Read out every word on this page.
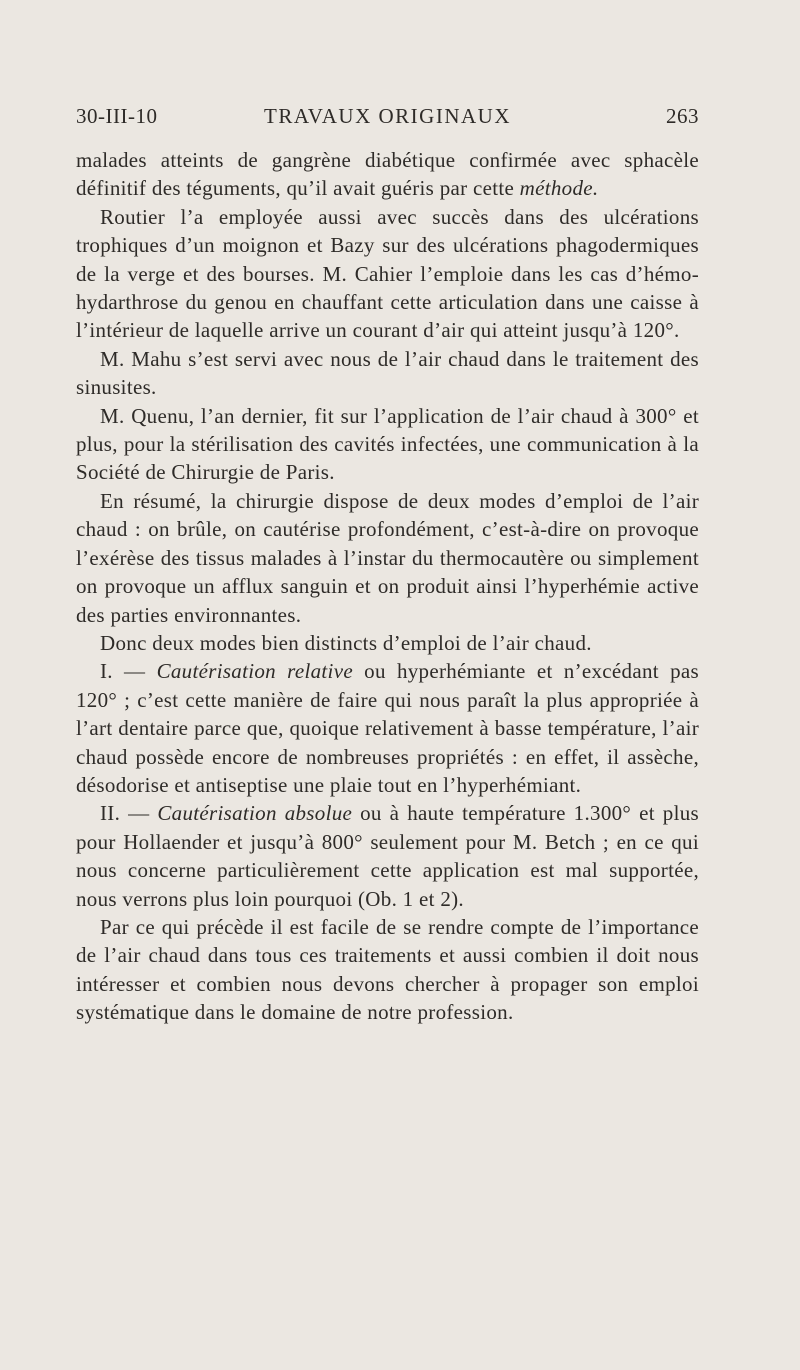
30-III-10	TRAVAUX ORIGINAUX	263

malades atteints de gangrène diabétique confirmée avec sphacèle définitif des téguments, qu’il avait guéris par cette méthode.

Routier l’a employée aussi avec succès dans des ulcérations trophiques d’un moignon et Bazy sur des ulcérations phagodermiques de la verge et des bourses. M. Cahier l’emploie dans les cas d’hémo-hydarthrose du genou en chauffant cette articulation dans une caisse à l’intérieur de laquelle arrive un courant d’air qui atteint jusqu’à 120°.

M. Mahu s’est servi avec nous de l’air chaud dans le traitement des sinusites.

M. Quenu, l’an dernier, fit sur l’application de l’air chaud à 300° et plus, pour la stérilisation des cavités infectées, une communication à la Société de Chirurgie de Paris.

En résumé, la chirurgie dispose de deux modes d’emploi de l’air chaud : on brûle, on cautérise profondément, c’est-à-dire on provoque l’exérèse des tissus malades à l’instar du thermocautère ou simplement on provoque un afflux sanguin et on produit ainsi l’hyperhémie active des parties environnantes.

Donc deux modes bien distincts d’emploi de l’air chaud.

I. — Cautérisation relative ou hyperhémiante et n’excédant pas 120° ; c’est cette manière de faire qui nous paraît la plus appropriée à l’art dentaire parce que, quoique relativement à basse température, l’air chaud possède encore de nombreuses propriétés : en effet, il assèche, désodorise et antiseptise une plaie tout en l’hyperhémiant.

II. — Cautérisation absolue ou à haute température 1.300° et plus pour Hollaender et jusqu’à 800° seulement pour M. Betch ; en ce qui nous concerne particulièrement cette application est mal supportée, nous verrons plus loin pourquoi (Ob. 1 et 2).

Par ce qui précède il est facile de se rendre compte de l’importance de l’air chaud dans tous ces traitements et aussi combien il doit nous intéresser et combien nous devons chercher à propager son emploi systématique dans le domaine de notre profession.
